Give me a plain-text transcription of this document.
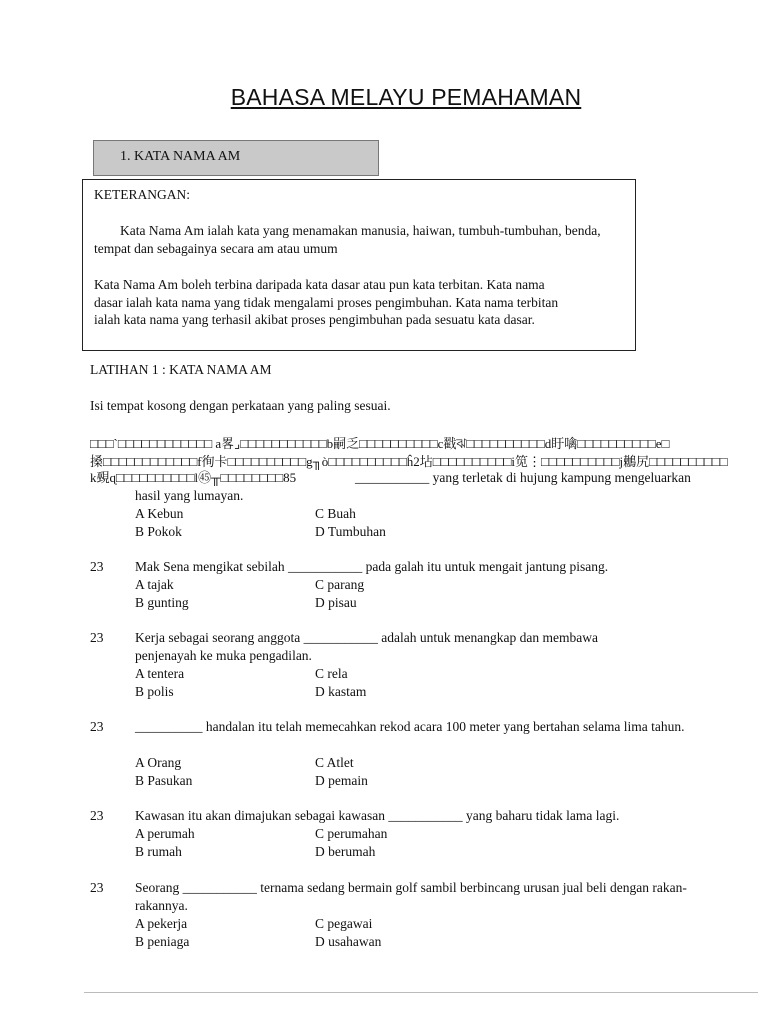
BAHASA MELAYU PEMAHAMAN
1. KATA NAMA AM
KETERANGAN:
Kata Nama Am ialah kata yang menamakan manusia, haiwan, tumbuh-tumbuhan, benda, tempat dan sebagainya secara am atau umum
Kata Nama Am boleh terbina daripada kata dasar atau pun kata terbitan. Kata nama dasar ialah kata nama yang tidak mengalami proses pengimbuhan. Kata nama terbitan ialah kata nama yang terhasil akibat proses pengimbuhan pada sesuatu kata dasar.
LATIHAN 1 : KATA NAMA AM
Isi tempat kosong dengan perkataan yang paling sesuai.
□□□`□□□□□□□□□□□□ a畧⌟□□□□□□□□□□□b嗣乏□□□□□□□□□□c戳ঝ□□□□□□□□□□d盱噙□□□□□□□□□□e□
搡□□□□□□□□□□□□f徇卡□□□□□□□□□□g╖ò□□□□□□□□□□ĥ2坫□□□□□□□□□□i笕⋮□□□□□□□□□□j鶒尻□□□□□□□□□□
k覡ɋ□□□□□□□□□□l㊺╥□□□□□□□□85	___________ yang terletak di hujung kampung mengeluarkan
hasil yang lumayan.
A Kebun
B Pokok
C Buah
D Tumbuhan
23 Mak Sena mengikat sebilah ___________ pada galah itu untuk mengait jantung pisang.
A tajak
B gunting
C parang
D pisau
23 Kerja sebagai seorang anggota ___________ adalah untuk menangkap dan membawa penjenayah ke muka pengadilan.
A tentera
B polis
C rela
D kastam
23 __________ handalan itu telah memecahkan rekod acara 100 meter yang bertahan selama lima tahun.
A Orang
B Pasukan
C Atlet
D pemain
23 Kawasan itu akan dimajukan sebagai kawasan ___________ yang baharu tidak lama lagi.
A perumah
B rumah
C perumahan
D berumah
23 Seorang ___________ ternama sedang bermain golf sambil berbincang urusan jual beli dengan rakan-rakannya.
A pekerja
B peniaga
C pegawai
D usahawan
